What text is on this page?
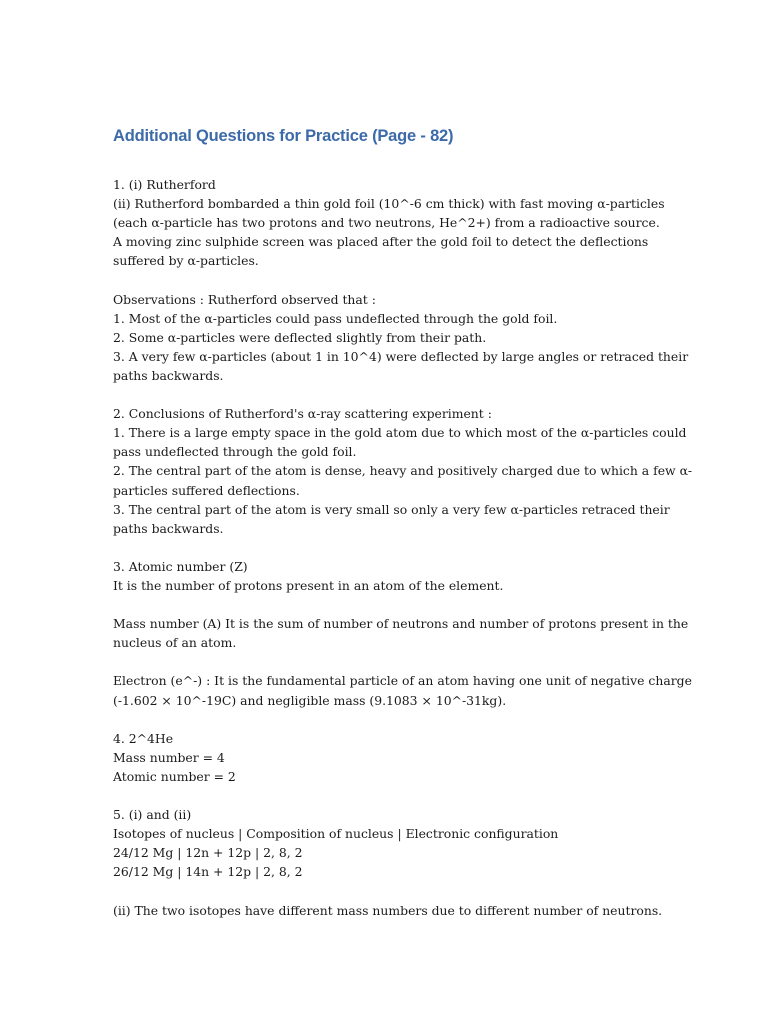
Additional Questions for Practice (Page - 82)
1. (i) Rutherford
(ii) Rutherford bombarded a thin gold foil (10^-6 cm thick) with fast moving α-particles
(each α-particle has two protons and two neutrons, He^2+) from a radioactive source.
A moving zinc sulphide screen was placed after the gold foil to detect the deflections
suffered by α-particles.
Observations : Rutherford observed that :
1. Most of the α-particles could pass undeflected through the gold foil.
2. Some α-particles were deflected slightly from their path.
3. A very few α-particles (about 1 in 10^4) were deflected by large angles or retraced their
paths backwards.
2. Conclusions of Rutherford's α-ray scattering experiment :
1. There is a large empty space in the gold atom due to which most of the α-particles could
pass undeflected through the gold foil.
2. The central part of the atom is dense, heavy and positively charged due to which a few α-
particles suffered deflections.
3. The central part of the atom is very small so only a very few α-particles retraced their
paths backwards.
3. Atomic number (Z)
It is the number of protons present in an atom of the element.
Mass number (A) It is the sum of number of neutrons and number of protons present in the
nucleus of an atom.
Electron (e^-) : It is the fundamental particle of an atom having one unit of negative charge
(-1.602 × 10^-19C) and negligible mass (9.1083 × 10^-31kg).
4. 2^4He
Mass number = 4
Atomic number = 2
5. (i) and (ii)
Isotopes of nucleus | Composition of nucleus | Electronic configuration
24/12 Mg | 12n + 12p | 2, 8, 2
26/12 Mg | 14n + 12p | 2, 8, 2
(ii) The two isotopes have different mass numbers due to different number of neutrons.
